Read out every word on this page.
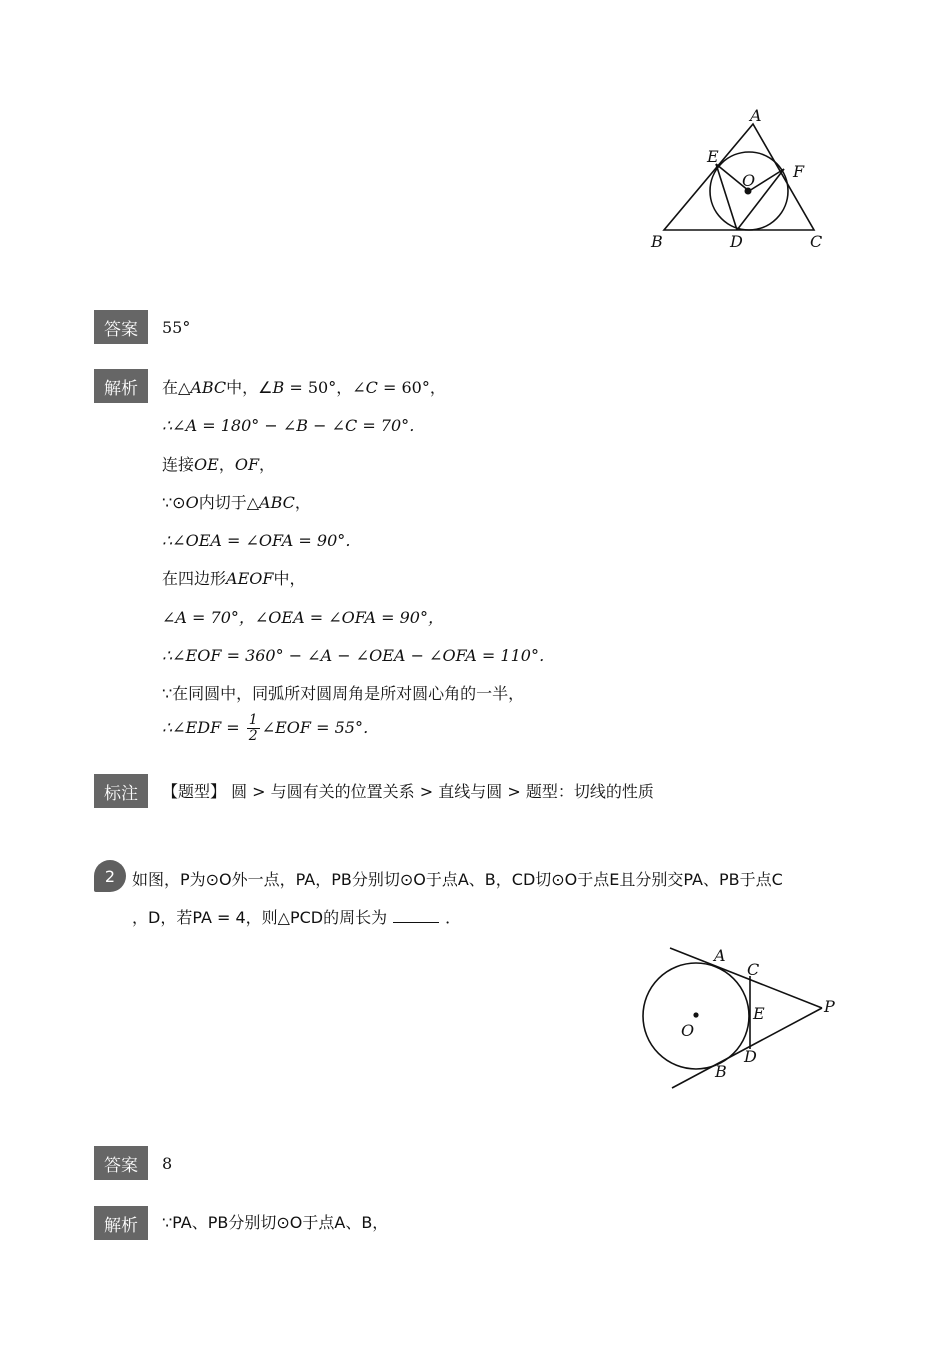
A
B	C
D
E
F
O
答案	55°
解析	在△ABC中，∠B = 50°，∠C = 60°，
∴∠A = 180° − ∠B − ∠C = 70°．
连接OE，OF，
∵⊙O内切于△ABC，
∴∠OEA = ∠OFA = 90°．
在四边形AEOF中，
∠A = 70°，∠OEA = ∠OFA = 90°，
∴∠EOF = 360° − ∠A − ∠OEA − ∠OFA = 110°．
∵在同圆中，同弧所对圆周角是所对圆心角的一半，
∴∠EDF = $\frac{1}{2}$ ∠EOF = 55°．
标注	【题型】 圆 > 与圆有关的位置关系 > 直线与圆 > 题型：切线的性质
2	如图，P为⊙O外一点，PA，PB分别切⊙O于点A、B，CD切⊙O于点E且分别交PA、PB于点C
，D，若PA = 4，则△PCD的周长为	．
A
B
C
D
E
O
P
答案	8
解析	∵PA、PB分别切⊙O于点A、B，
